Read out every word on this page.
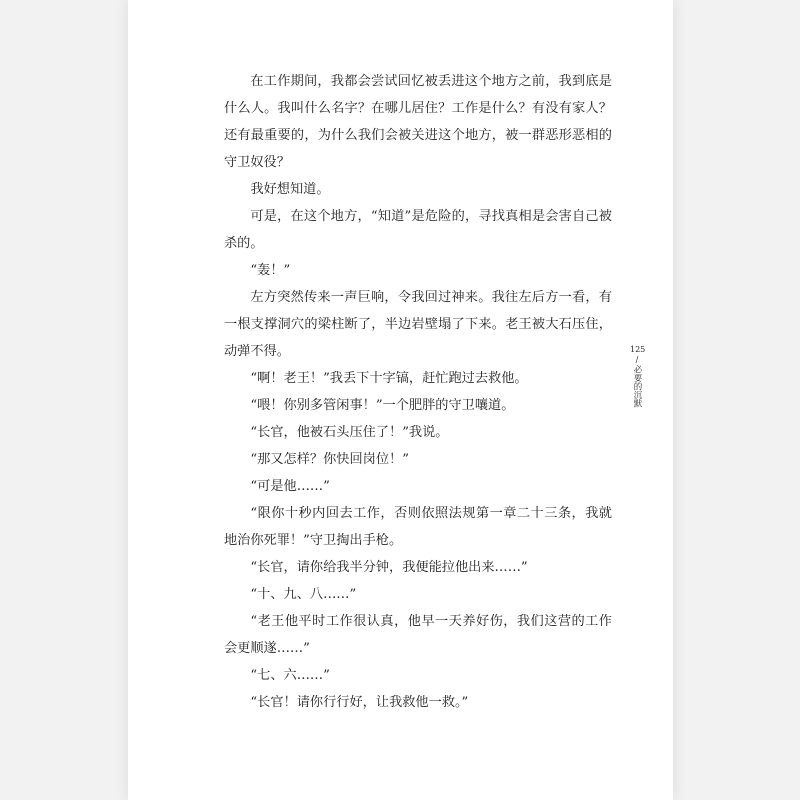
在工作期间，我都会尝试回忆被丢进这个地方之前，我到底是什么人。我叫什么名字？在哪儿居住？工作是什么？有没有家人？还有最重要的，为什么我们会被关进这个地方，被一群恶形恶相的守卫奴役？

我好想知道。

可是，在这个地方，“知道”是危险的，寻找真相是会害自己被杀的。

“轰！”

左方突然传来一声巨响，令我回过神来。我往左后方一看，有一根支撑洞穴的梁柱断了，半边岩壁塌了下来。老王被大石压住，动弹不得。

“啊！老王！”我丢下十字镐，赶忙跑过去救他。

“喂！你别多管闲事！”一个肥胖的守卫嚷道。

“长官，他被石头压住了！”我说。

“那又怎样？你快回岗位！”

“可是他……”

“限你十秒内回去工作，否则依照法规第一章二十三条，我就地治你死罪！”守卫掏出手枪。

“长官，请你给我半分钟，我便能拉他出来……”

“十、九、八……”

“老王他平时工作很认真，他早一天养好伤，我们这营的工作会更顺遂……”

“七、六……”

“长官！请你行行好，让我救他一救。”

125
/
必要的沉默
